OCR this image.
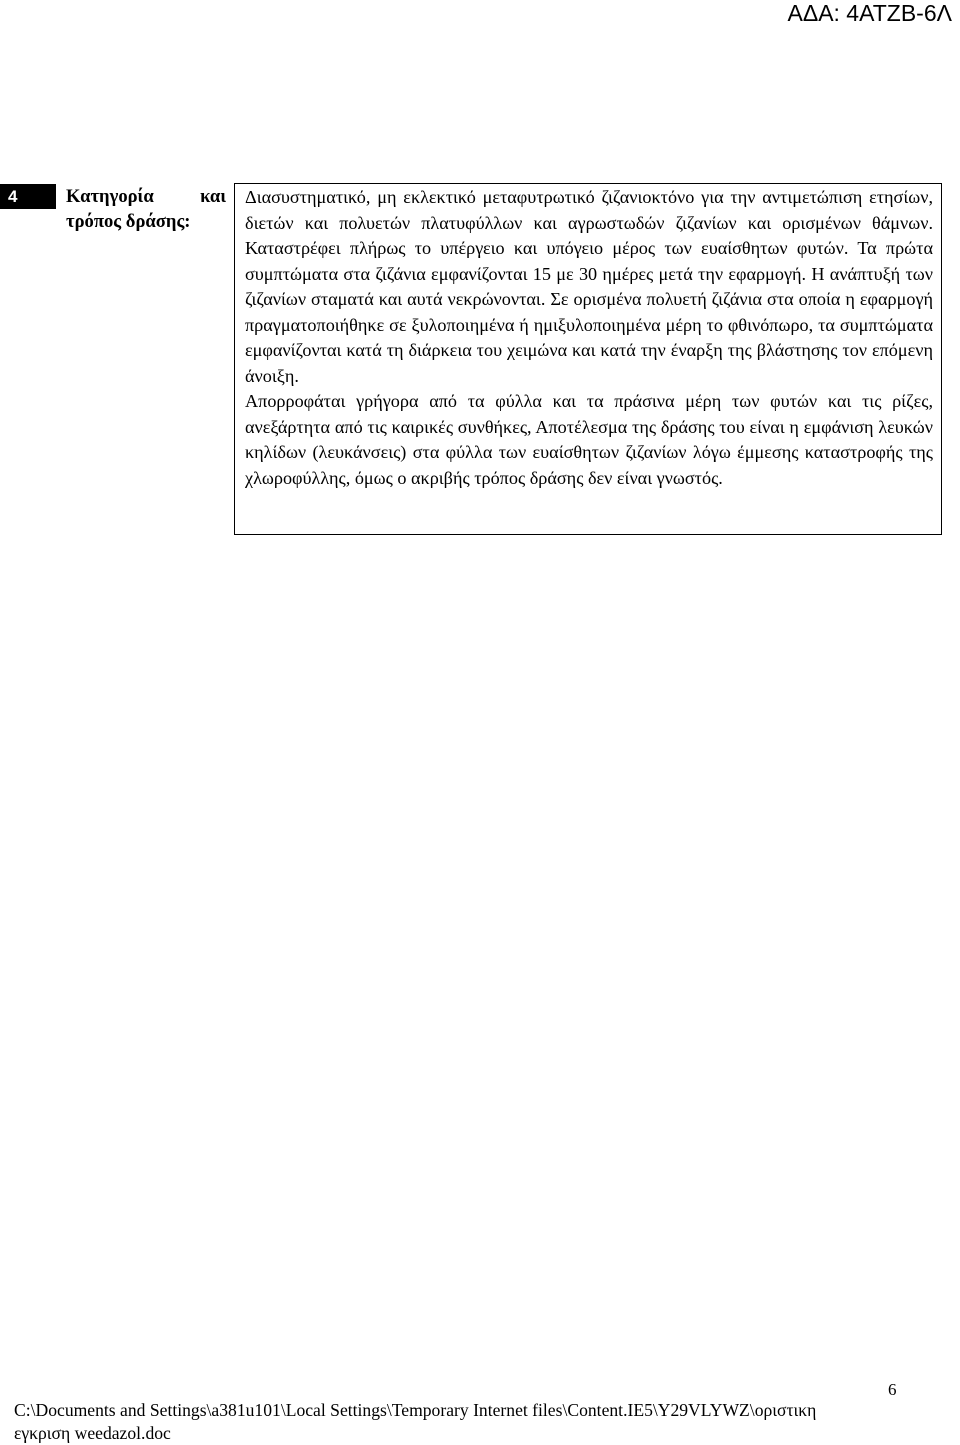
ΑΔΑ: 4ΑΤΖΒ-6Λ
4	Κατηγορία και
τρόπος δράσης:

Διασυστηματικό, μη εκλεκτικό μεταφυτρωτικό ζιζανιοκτόνο για την αντιμετώπιση ετησίων, διετών και πολυετών πλατυφύλλων και αγρωστωδών ζιζανίων και ορισμένων θάμνων. Καταστρέφει πλήρως το υπέργειο και υπόγειο μέρος των ευαίσθητων φυτών. Τα πρώτα συμπτώματα στα ζιζάνια εμφανίζονται 15 με 30 ημέρες μετά την εφαρμογή. Η ανάπτυξή των ζιζανίων σταματά και αυτά νεκρώνονται. Σε ορισμένα πολυετή ζιζάνια στα οποία η εφαρμογή πραγματοποιήθηκε σε ξυλοποιημένα ή ημιξυλοποιημένα μέρη το φθινόπωρο, τα συμπτώματα εμφανίζονται κατά τη διάρκεια του χειμώνα και κατά την έναρξη της βλάστησης τον επόμενη άνοιξη.

Απορροφάται γρήγορα από τα φύλλα και τα πράσινα μέρη των φυτών και τις ρίζες, ανεξάρτητα από τις καιρικές συνθήκες, Αποτέλεσμα της δράσης του είναι η εμφάνιση λευκών κηλίδων (λευκάνσεις) στα φύλλα των ευαίσθητων ζιζανίων λόγω έμμεσης καταστροφής της χλωροφύλλης, όμως ο ακριβής τρόπος δράσης δεν είναι γνωστός.

6
C:\Documents and Settings\a381u101\Local Settings\Temporary Internet files\Content.IE5\Y29VLYWZ\οριστικη
εγκριση weedazol.doc
